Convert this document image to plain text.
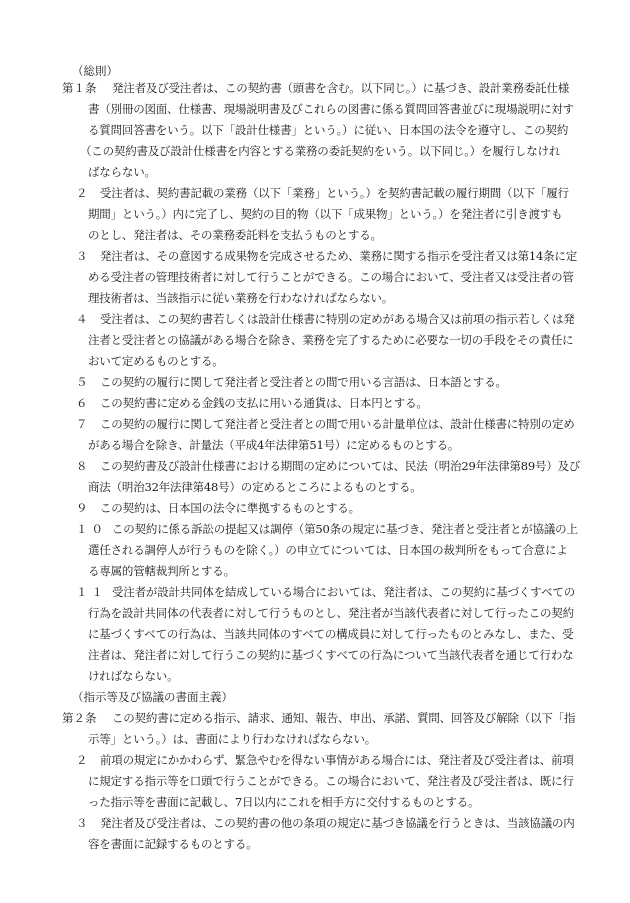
（総則）
第１条 発注者及び受注者は、この契約書（頭書を含む。以下同じ。）に基づき、設計業務委託仕様
書（別冊の図面、仕様書、現場説明書及びこれらの図書に係る質問回答書並びに現場説明に対す
る質問回答書をいう。以下「設計仕様書」という。）に従い、日本国の法令を遵守し、この契約
（この契約書及び設計仕様書を内容とする業務の委託契約をいう。以下同じ。）を履行しなけれ
ばならない。
２ 受注者は、契約書記載の業務（以下「業務」という。）を契約書記載の履行期間（以下「履行
期間」という。）内に完了し、契約の目的物（以下「成果物」という。）を発注者に引き渡すも
のとし、発注者は、その業務委託料を支払うものとする。
３ 発注者は、その意図する成果物を完成させるため、業務に関する指示を受注者又は第14条に定
める受注者の管理技術者に対して行うことができる。この場合において、受注者又は受注者の管
理技術者は、当該指示に従い業務を行わなければならない。
４ 受注者は、この契約書若しくは設計仕様書に特別の定めがある場合又は前項の指示若しくは発
注者と受注者との協議がある場合を除き、業務を完了するために必要な一切の手段をその責任に
おいて定めるものとする。
５ この契約の履行に関して発注者と受注者との間で用いる言語は、日本語とする。
６ この契約書に定める金銭の支払に用いる通貨は、日本円とする。
７ この契約の履行に関して発注者と受注者との間で用いる計量単位は、設計仕様書に特別の定め
がある場合を除き、計量法（平成4年法律第51号）に定めるものとする。
８ この契約書及び設計仕様書における期間の定めについては、民法（明治29年法律第89号）及び
商法（明治32年法律第48号）の定めるところによるものとする。
９ この契約は、日本国の法令に準拠するものとする。
１０ この契約に係る訴訟の提起又は調停（第50条の規定に基づき、発注者と受注者とが協議の上
選任される調停人が行うものを除く。）の申立てについては、日本国の裁判所をもって合意によ
る専属的管轄裁判所とする。
１１ 受注者が設計共同体を結成している場合においては、発注者は、この契約に基づくすべての
行為を設計共同体の代表者に対して行うものとし、発注者が当該代表者に対して行ったこの契約
に基づくすべての行為は、当該共同体のすべての構成員に対して行ったものとみなし、また、受
注者は、発注者に対して行うこの契約に基づくすべての行為について当該代表者を通じて行わな
ければならない。
（指示等及び協議の書面主義）
第２条 この契約書に定める指示、請求、通知、報告、申出、承諾、質問、回答及び解除（以下「指
示等」という。）は、書面により行わなければならない。
２ 前項の規定にかかわらず、緊急やむを得ない事情がある場合には、発注者及び受注者は、前項
に規定する指示等を口頭で行うことができる。この場合において、発注者及び受注者は、既に行
った指示等を書面に記載し、7日以内にこれを相手方に交付するものとする。
３ 発注者及び受注者は、この契約書の他の条項の規定に基づき協議を行うときは、当該協議の内
容を書面に記録するものとする。
